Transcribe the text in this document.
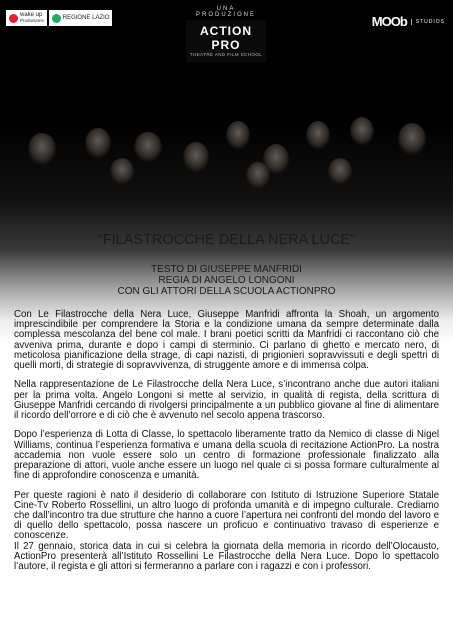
wake up
Productions	REGIONE LAZIO
UNA PRODUZIONE
ACTION PRO
THEATRE AND FILM SCHOOL
MOOb	STUDIOS
“FILASTROCCHE DELLA NERA LUCE”
TESTO DI GIUSEPPE MANFRIDI
REGIA DI ANGELO LONGONI
CON GLI ATTORI DELLA SCUOLA ACTIONPRO

Con Le Filastrocche della Nera Luce, Giuseppe Manfridi affronta la Shoah, un argomento imprescindibile per comprendere la Storia e la condizione umana da sempre determinate dalla complessa mescolanza del bene col male. I brani poetici scritti da Manfridi ci raccontano ciò che avveniva prima, durante e dopo i campi di sterminio. Ci parlano di ghetto e mercato nero, di meticolosa pianificazione della strage, di capi nazisti, di prigionieri sopravvissuti e degli spettri di quelli morti, di strategie di sopravvivenza, di struggente amore e di immensa colpa.

Nella rappresentazione de Le Filastrocche della Nera Luce, s’incontrano anche due autori italiani per la prima volta. Angelo Longoni si mette al servizio, in qualità di regista, della scrittura di Giuseppe Manfridi cercando di rivolgersi principalmente a un pubblico giovane al fine di alimentare il ricordo dell’orrore e di ciò che è avvenuto nel secolo appena trascorso.

Dopo l’esperienza di Lotta di Classe, lo spettacolo liberamente tratto da Nemico di classe di Nigel Williams, continua l’esperienza formativa e umana della scuola di recitazione ActionPro. La nostra accademia non vuole essere solo un centro di formazione professionale finalizzato alla preparazione di attori, vuole anche essere un luogo nel quale ci si possa formare culturalmente al fine di approfondire conoscenza e umanità.

Per queste ragioni è nato il desiderio di collaborare con Istituto di Istruzione Superiore Statale Cine-Tv Roberto Rossellini, un altro luogo di profonda umanità e di impegno culturale. Crediamo che dall’incontro tra due strutture che hanno a cuore l’apertura nei confronti del mondo del lavoro e di quello dello spettacolo, possa nascere un proficuo e continuativo travaso di esperienze e conoscenze.

Il 27 gennaio, storica data in cui si celebra la giornata della memoria in ricordo dell’Olocausto, ActionPro presenterà all’Istituto Rossellini Le Filastrocche della Nera Luce. Dopo lo spettacolo l’autore, il regista e gli attori si fermeranno a parlare con i ragazzi e con i professori.
